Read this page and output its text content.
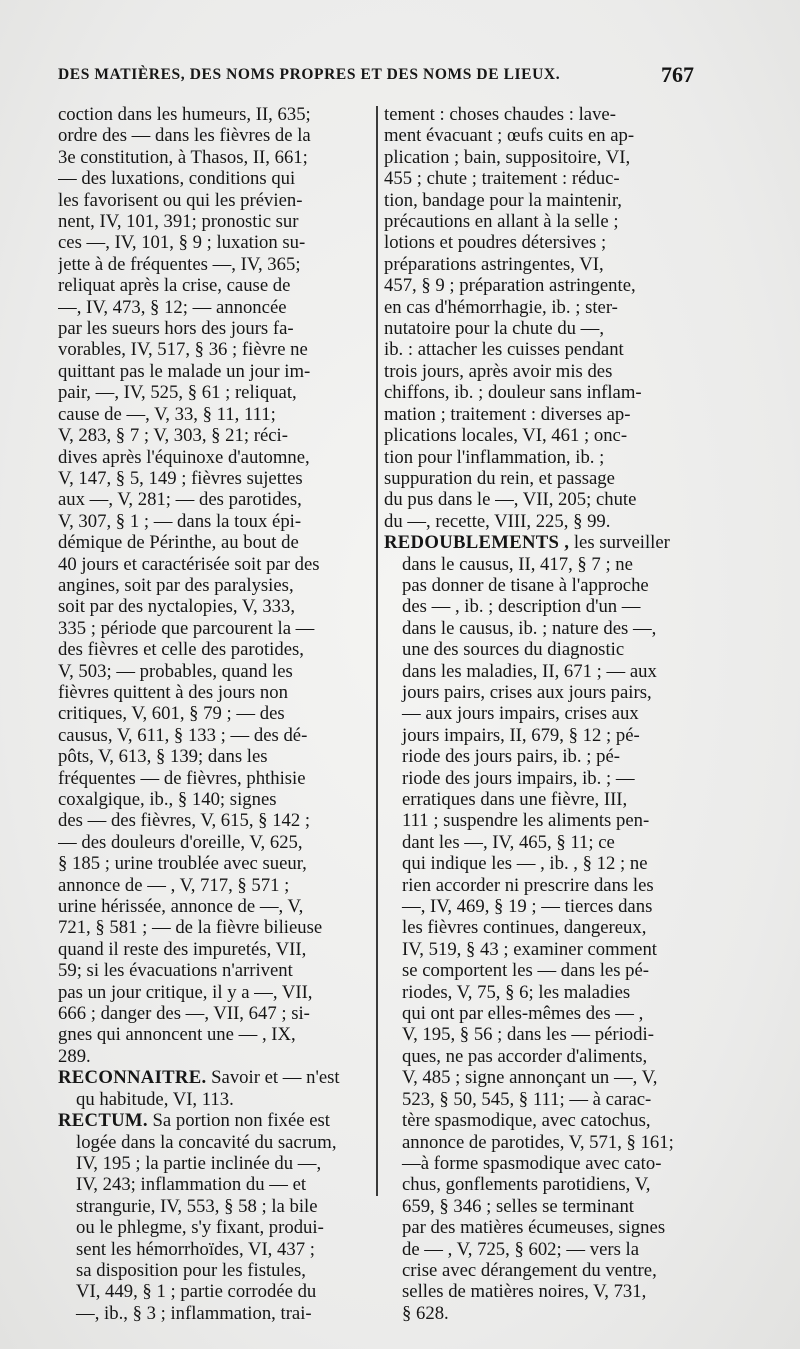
DES MATIÈRES, DES NOMS PROPRES ET DES NOMS DE LIEUX.	767
coction dans les humeurs, II, 635;
ordre des — dans les fièvres de la
3e constitution, à Thasos, II, 661;
— des luxations, conditions qui
les favorisent ou qui les prévien-
nent, IV, 101, 391; pronostic sur
ces —, IV, 101, § 9 ; luxation su-
jette à de fréquentes —, IV, 365;
reliquat après la crise, cause de
—, IV, 473, § 12; — annoncée
par les sueurs hors des jours fa-
vorables, IV, 517, § 36 ; fièvre ne
quittant pas le malade un jour im-
pair, —, IV, 525, § 61 ; reliquat,
cause de —, V, 33, § 11, 111;
V, 283, § 7 ; V, 303, § 21; réci-
dives après l'équinoxe d'automne,
V, 147, § 5, 149 ; fièvres sujettes
aux —, V, 281; — des parotides,
V, 307, § 1 ; — dans la toux épi-
démique de Périnthe, au bout de
40 jours et caractérisée soit par des
angines, soit par des paralysies,
soit par des nyctalopies, V, 333,
335 ; période que parcourent la —
des fièvres et celle des parotides,
V, 503; — probables, quand les
fièvres quittent à des jours non
critiques, V, 601, § 79 ; — des
causus, V, 611, § 133 ; — des dé-
pôts, V, 613, § 139; dans les
fréquentes — de fièvres, phthisie
coxalgique, ib., § 140; signes
des — des fièvres, V, 615, § 142 ;
— des douleurs d'oreille, V, 625,
§ 185 ; urine troublée avec sueur,
annonce de — , V, 717, § 571 ;
urine hérissée, annonce de —, V,
721, § 581 ; — de la fièvre bilieuse
quand il reste des impuretés, VII,
59; si les évacuations n'arrivent
pas un jour critique, il y a —, VII,
666 ; danger des —, VII, 647 ; si-
gnes qui annoncent une — , IX,
289.
RECONNAITRE. Savoir et — n'est
qu habitude, VI, 113.
RECTUM. Sa portion non fixée est
logée dans la concavité du sacrum,
IV, 195 ; la partie inclinée du —,
IV, 243; inflammation du — et
strangurie, IV, 553, § 58 ; la bile
ou le phlegme, s'y fixant, produi-
sent les hémorrhoïdes, VI, 437 ;
sa disposition pour les fistules,
VI, 449, § 1 ; partie corrodée du
—, ib., § 3 ; inflammation, trai-
tement : choses chaudes : lave-
ment évacuant ; œufs cuits en ap-
plication ; bain, suppositoire, VI,
455 ; chute ; traitement : réduc-
tion, bandage pour la maintenir,
précautions en allant à la selle ;
lotions et poudres détersives ;
préparations astringentes, VI,
457, § 9 ; préparation astringente,
en cas d'hémorrhagie, ib. ; ster-
nutatoire pour la chute du —,
ib. : attacher les cuisses pendant
trois jours, après avoir mis des
chiffons, ib. ; douleur sans inflam-
mation ; traitement : diverses ap-
plications locales, VI, 461 ; onc-
tion pour l'inflammation, ib. ;
suppuration du rein, et passage
du pus dans le —, VII, 205; chute
du —, recette, VIII, 225, § 99.
REDOUBLEMENTS , les surveiller
dans le causus, II, 417, § 7 ; ne
pas donner de tisane à l'approche
des — , ib. ; description d'un —
dans le causus, ib. ; nature des —,
une des sources du diagnostic
dans les maladies, II, 671 ; — aux
jours pairs, crises aux jours pairs,
— aux jours impairs, crises aux
jours impairs, II, 679, § 12 ; pé-
riode des jours pairs, ib. ; pé-
riode des jours impairs, ib. ; —
erratiques dans une fièvre, III,
111 ; suspendre les aliments pen-
dant les —, IV, 465, § 11; ce
qui indique les — , ib. , § 12 ; ne
rien accorder ni prescrire dans les
—, IV, 469, § 19 ; — tierces dans
les fièvres continues, dangereux,
IV, 519, § 43 ; examiner comment
se comportent les — dans les pé-
riodes, V, 75, § 6; les maladies
qui ont par elles-mêmes des — ,
V, 195, § 56 ; dans les — périodi-
ques, ne pas accorder d'aliments,
V, 485 ; signe annonçant un —, V,
523, § 50, 545, § 111; — à carac-
tère spasmodique, avec catochus,
annonce de parotides, V, 571, § 161;
—à forme spasmodique avec cato-
chus, gonflements parotidiens, V,
659, § 346 ; selles se terminant
par des matières écumeuses, signes
de — , V, 725, § 602; — vers la
crise avec dérangement du ventre,
selles de matières noires, V, 731,
§ 628.
